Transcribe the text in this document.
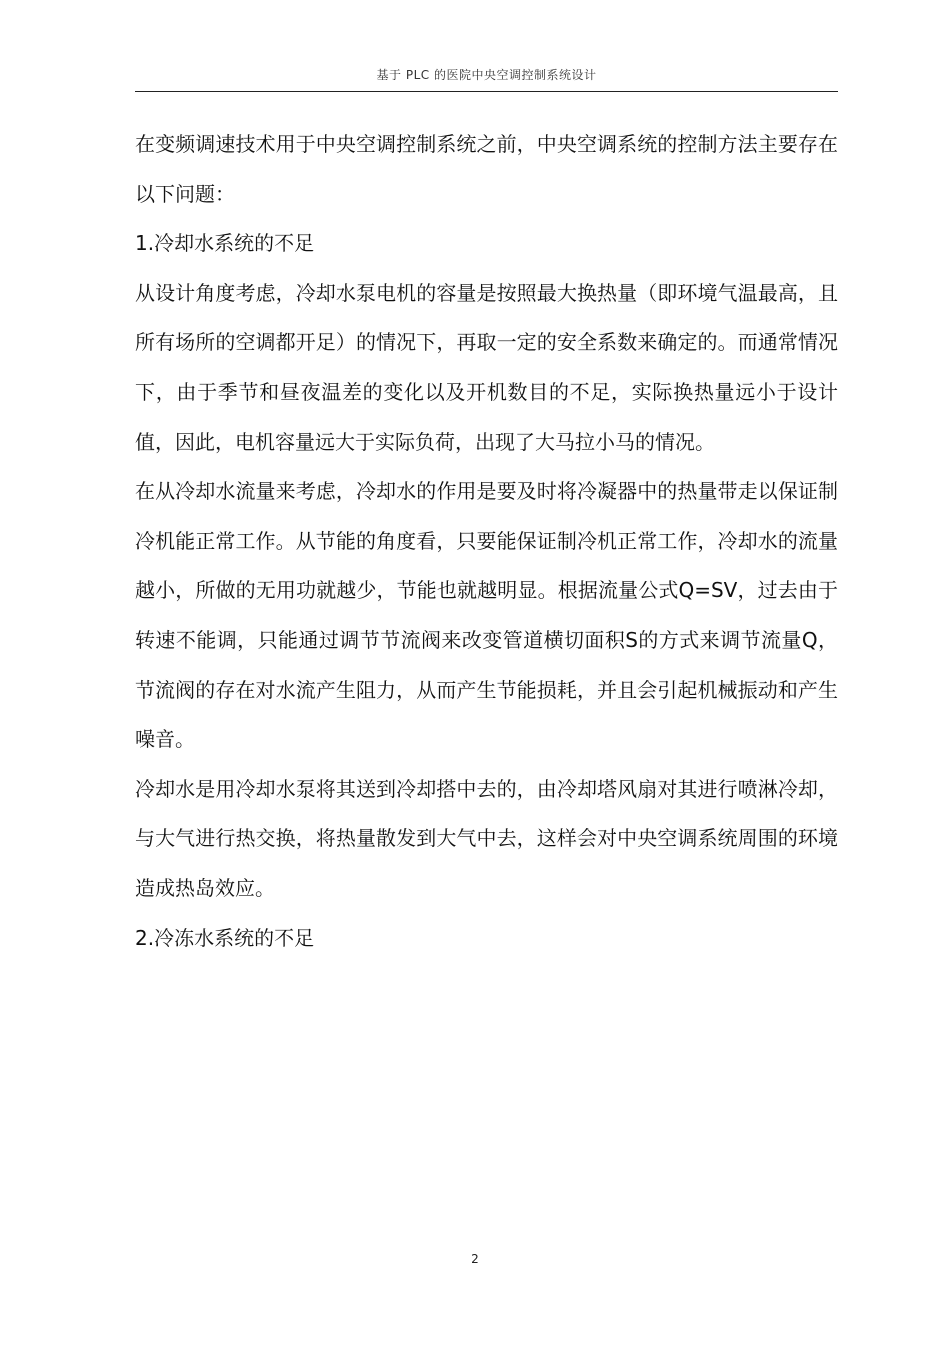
基于 PLC 的医院中央空调控制系统设计

在变频调速技术用于中央空调控制系统之前，中央空调系统的控制方法主要存在以下问题：

1.冷却水系统的不足

从设计角度考虑，冷却水泵电机的容量是按照最大换热量（即环境气温最高，且所有场所的空调都开足）的情况下，再取一定的安全系数来确定的。而通常情况下，由于季节和昼夜温差的变化以及开机数目的不足，实际换热量远小于设计值，因此，电机容量远大于实际负荷，出现了大马拉小马的情况。

在从冷却水流量来考虑，冷却水的作用是要及时将冷凝器中的热量带走以保证制冷机能正常工作。从节能的角度看，只要能保证制冷机正常工作，冷却水的流量越小，所做的无用功就越少，节能也就越明显。根据流量公式Q=SV，过去由于转速不能调，只能通过调节节流阀来改变管道横切面积S的方式来调节流量Q，节流阀的存在对水流产生阻力，从而产生节能损耗，并且会引起机械振动和产生噪音。

冷却水是用冷却水泵将其送到冷却搭中去的，由冷却塔风扇对其进行喷淋冷却，与大气进行热交换，将热量散发到大气中去，这样会对中央空调系统周围的环境造成热岛效应。

2.冷冻水系统的不足

2
